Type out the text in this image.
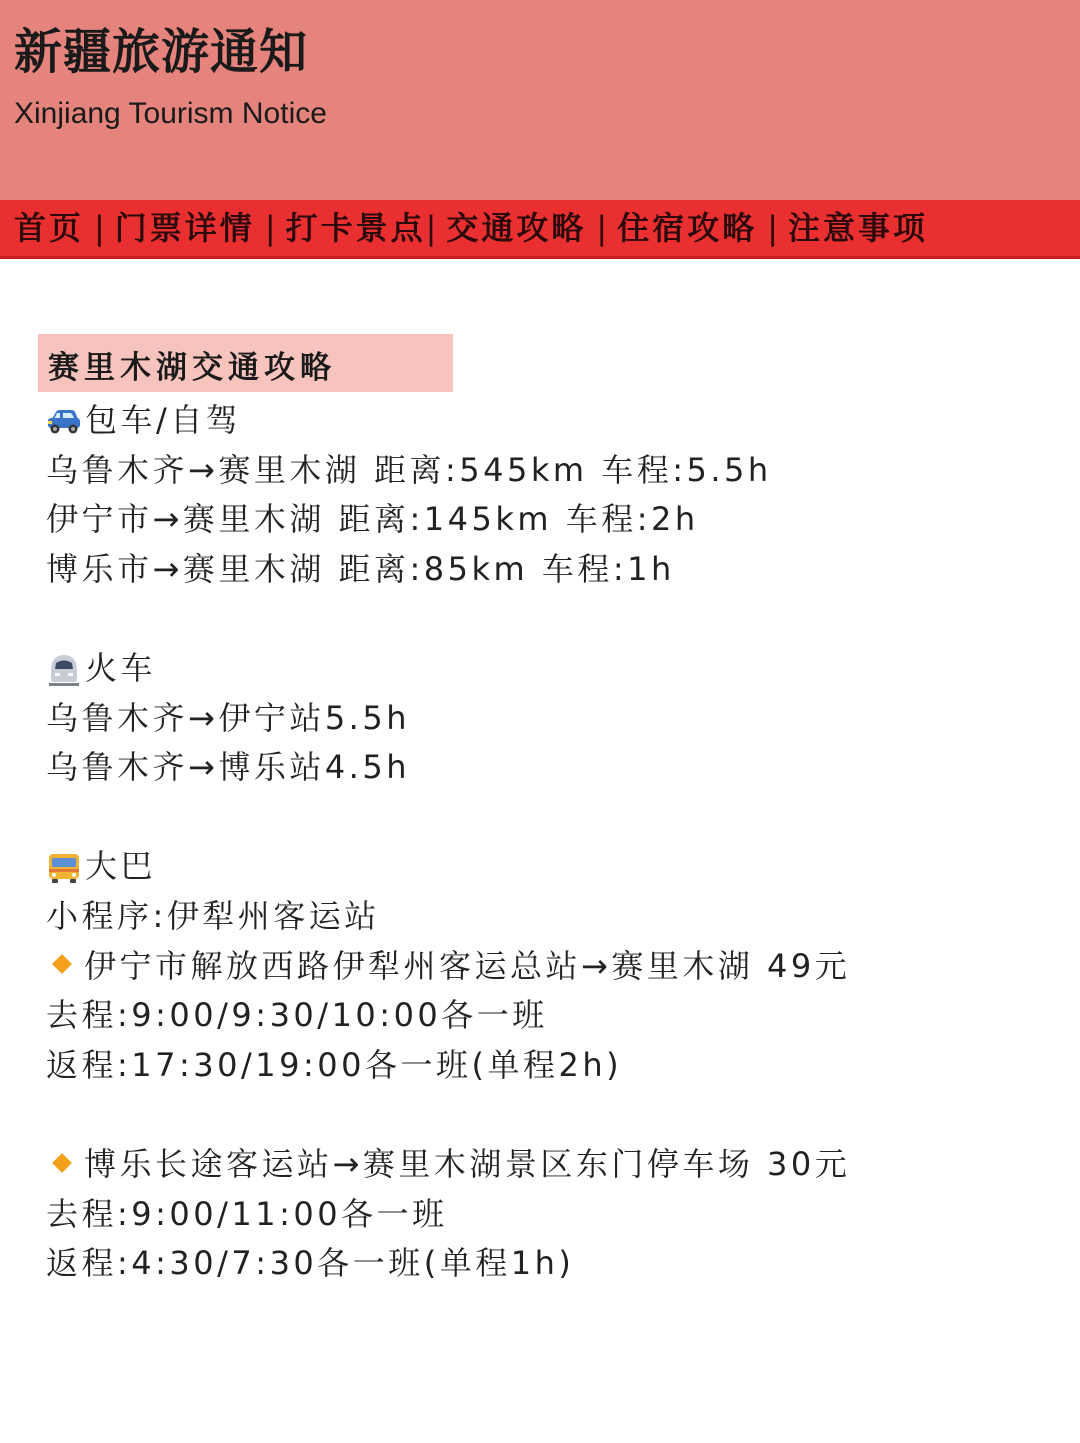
新疆旅游通知
Xinjiang Tourism Notice
首页 | 门票详情 | 打卡景点 | 交通攻略 | 住宿攻略 | 注意事项
赛里木湖交通攻略
包车/自驾
乌鲁木齐→赛里木湖 距离:545km 车程:5.5h
伊宁市→赛里木湖 距离:145km 车程:2h
博乐市→赛里木湖 距离:85km 车程:1h
火车
乌鲁木齐→伊宁站5.5h
乌鲁木齐→博乐站4.5h
大巴
小程序:伊犁州客运站
伊宁市解放西路伊犁州客运总站→赛里木湖 49元
去程:9:00/9:30/10:00各一班
返程:17:30/19:00各一班(单程2h)
博乐长途客运站→赛里木湖景区东门停车场 30元
去程:9:00/11:00各一班
返程:4:30/7:30各一班(单程1h)
